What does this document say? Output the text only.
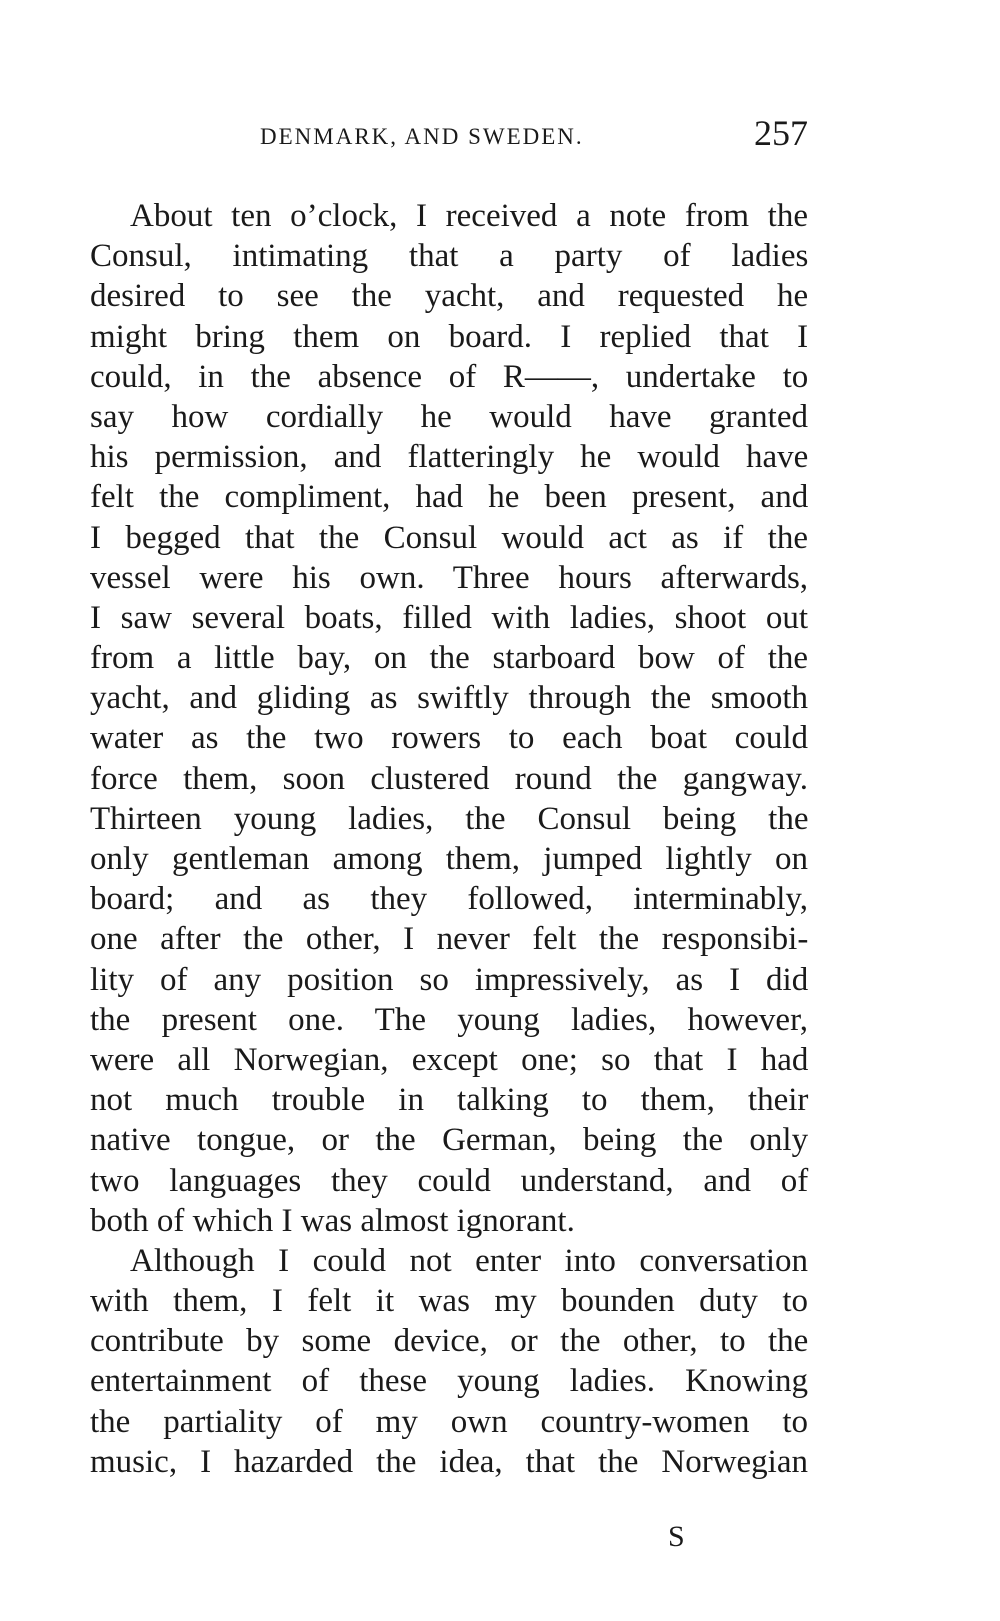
DENMARK, AND SWEDEN.	257

About ten o’clock, I received a note from the
Consul, intimating that a party of ladies
desired to see the yacht, and requested he
might bring them on board. I replied that I
could, in the absence of R——, undertake to
say how cordially he would have granted
his permission, and flatteringly he would have
felt the compliment, had he been present, and
I begged that the Consul would act as if the
vessel were his own. Three hours afterwards,
I saw several boats, filled with ladies, shoot out
from a little bay, on the starboard bow of the
yacht, and gliding as swiftly through the smooth
water as the two rowers to each boat could
force them, soon clustered round the gangway.
Thirteen young ladies, the Consul being the
only gentleman among them, jumped lightly on
board; and as they followed, interminably,
one after the other, I never felt the responsibi-
lity of any position so impressively, as I did
the present one. The young ladies, however,
were all Norwegian, except one; so that I had
not much trouble in talking to them, their
native tongue, or the German, being the only
two languages they could understand, and of
both of which I was almost ignorant.

Although I could not enter into conversation
with them, I felt it was my bounden duty to
contribute by some device, or the other, to the
entertainment of these young ladies. Knowing
the partiality of my own country-women to
music, I hazarded the idea, that the Norwegian

S
